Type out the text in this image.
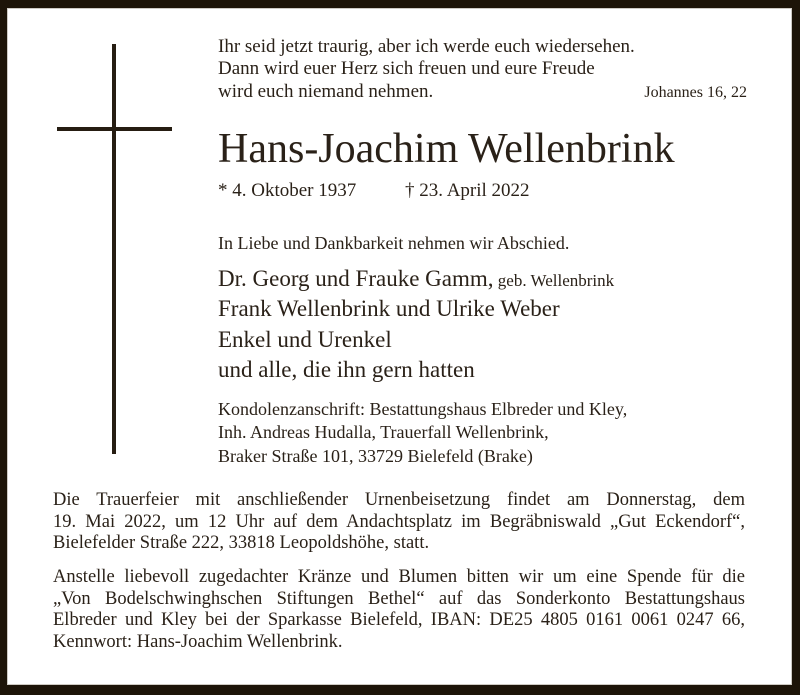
Ihr seid jetzt traurig, aber ich werde euch wiedersehen.
Dann wird euer Herz sich freuen und eure Freude
wird euch niemand nehmen.	Johannes 16, 22
Hans-Joachim Wellenbrink
* 4. Oktober 1937	† 23. April 2022
In Liebe und Dankbarkeit nehmen wir Abschied.
Dr. Georg und Frauke Gamm, geb. Wellenbrink
Frank Wellenbrink und Ulrike Weber
Enkel und Urenkel
und alle, die ihn gern hatten
Kondolenzanschrift: Bestattungshaus Elbreder und Kley,
Inh. Andreas Hudalla, Trauerfall Wellenbrink,
Braker Straße 101, 33729 Bielefeld (Brake)
Die Trauerfeier mit anschließender Urnenbeisetzung findet am Donnerstag, dem
19. Mai 2022, um 12 Uhr auf dem Andachtsplatz im Begräbniswald „Gut Eckendorf“,
Bielefelder Straße 222, 33818 Leopoldshöhe, statt.
Anstelle liebevoll zugedachter Kränze und Blumen bitten wir um eine Spende für die
„Von Bodelschwinghschen Stiftungen Bethel“ auf das Sonderkonto Bestattungshaus
Elbreder und Kley bei der Sparkasse Bielefeld, IBAN: DE25 4805 0161 0061 0247 66,
Kennwort: Hans-Joachim Wellenbrink.
